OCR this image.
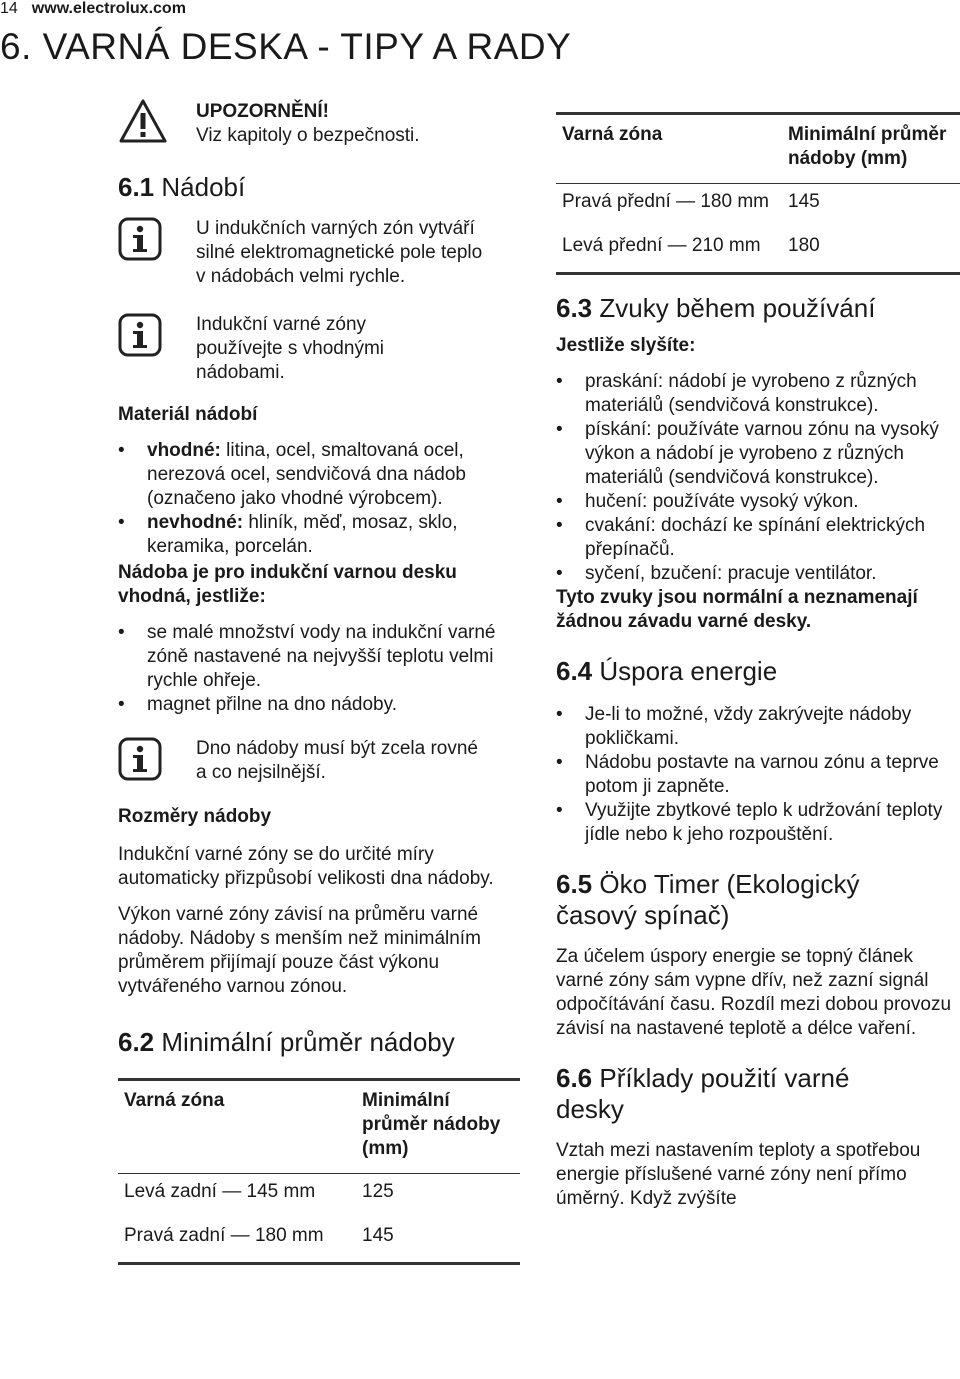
14 www.electrolux.com
6. VARNÁ DESKA - TIPY A RADY
UPOZORNĚNÍ!
Viz kapitoly o bezpečnosti.
6.1 Nádobí
U indukčních varných zón vytváří silné elektromagnetické pole teplo v nádobách velmi rychle.
Indukční varné zóny používejte s vhodnými nádobami.
Materiál nádobí
• vhodné: litina, ocel, smaltovaná ocel, nerezová ocel, sendvičová dna nádob (označeno jako vhodné výrobcem).
• nevhodné: hliník, měď, mosaz, sklo, keramika, porcelán.
Nádoba je pro indukční varnou desku vhodná, jestliže:
• se malé množství vody na indukční varné zóně nastavené na nejvyšší teplotu velmi rychle ohřeje.
• magnet přilne na dno nádoby.
Dno nádoby musí být zcela rovné a co nejsilnější.
Rozměry nádoby

Indukční varné zóny se do určité míry automaticky přizpůsobí velikosti dna nádoby.

Výkon varné zóny závisí na průměru varné nádoby. Nádoby s menším než minimálním průměrem přijímají pouze část výkonu vytvářeného varnou zónou.

6.2 Minimální průměr nádoby
Varná zóna	Minimální průměr nádoby (mm)
Levá zadní — 145 mm	125
Pravá zadní — 180 mm	145
Varná zóna	Minimální průměr nádoby (mm)
Pravá přední — 180 mm	145
Levá přední — 210 mm	180
6.3 Zvuky během používání
Jestliže slyšíte:
• praskání: nádobí je vyrobeno z různých materiálů (sendvičová konstrukce).
• pískání: používáte varnou zónu na vysoký výkon a nádobí je vyrobeno z různých materiálů (sendvičová konstrukce).
• hučení: používáte vysoký výkon.
• cvakání: dochází ke spínání elektrických přepínačů.
• syčení, bzučení: pracuje ventilátor.
Tyto zvuky jsou normální a neznamenají žádnou závadu varné desky.
6.4 Úspora energie
• Je-li to možné, vždy zakrývejte nádoby pokličkami.
• Nádobu postavte na varnou zónu a teprve potom ji zapněte.
• Využijte zbytkové teplo k udržování teploty jídle nebo k jeho rozpouštění.
6.5 Öko Timer (Ekologický časový spínač)

Za účelem úspory energie se topný článek varné zóny sám vypne dřív, než zazní signál odpočítávání času. Rozdíl mezi dobou provozu závisí na nastavené teplotě a délce vaření.

6.6 Příklady použití varné desky

Vztah mezi nastavením teploty a spotřebou energie příslušené varné zóny není přímo úměrný. Když zvýšíte
